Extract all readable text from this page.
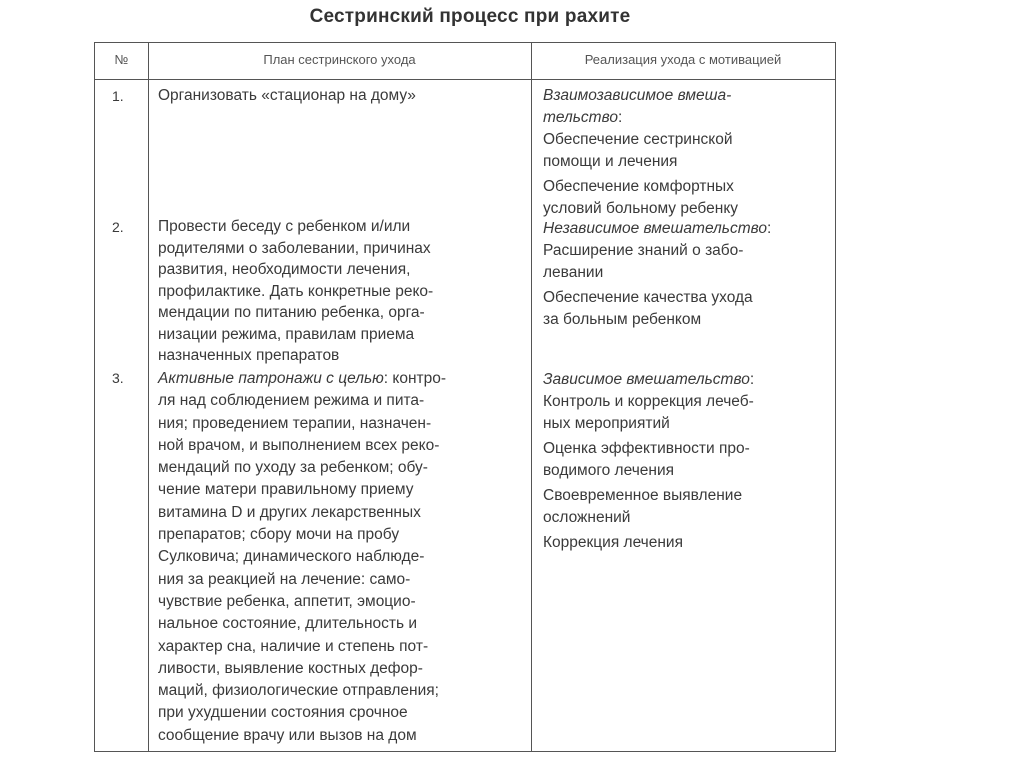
Сестринский процесс при рахите
№	План сестринского ухода	Реализация ухода с мотивацией
1.
2.
3.
Организовать «стационар на дому»
Провести беседу с ребенком и/или
родителями о заболевании, причинах
развития, необходимости лечения,
профилактике. Дать конкретные реко-
мендации по питанию ребенка, орга-
низации режима, правилам приема
назначенных препаратов
Активные патронажи с целью: контро-
ля над соблюдением режима и пита-
ния; проведением терапии, назначен-
ной врачом, и выполнением всех реко-
мендаций по уходу за ребенком; обу-
чение матери правильному приему
витамина D и других лекарственных
препаратов; сбору мочи на пробу
Сулковича; динамического наблюде-
ния за реакцией на лечение: само-
чувствие ребенка, аппетит, эмоцио-
нальное состояние, длительность и
характер сна, наличие и степень пот-
ливости, выявление костных дефор-
маций, физиологические отправления;
при ухудшении состояния срочное
сообщение врачу или вызов на дом
Взаимозависимое вмеша-
тельство:
Обеспечение сестринской
помощи и лечения
Обеспечение комфортных
условий больному ребенку
Независимое вмешательство:
Расширение знаний о забо-
левании
Обеспечение качества ухода
за больным ребенком
Зависимое вмешательство:
Контроль и коррекция лечеб-
ных мероприятий
Оценка эффективности про-
водимого лечения
Своевременное выявление
осложнений
Коррекция лечения
